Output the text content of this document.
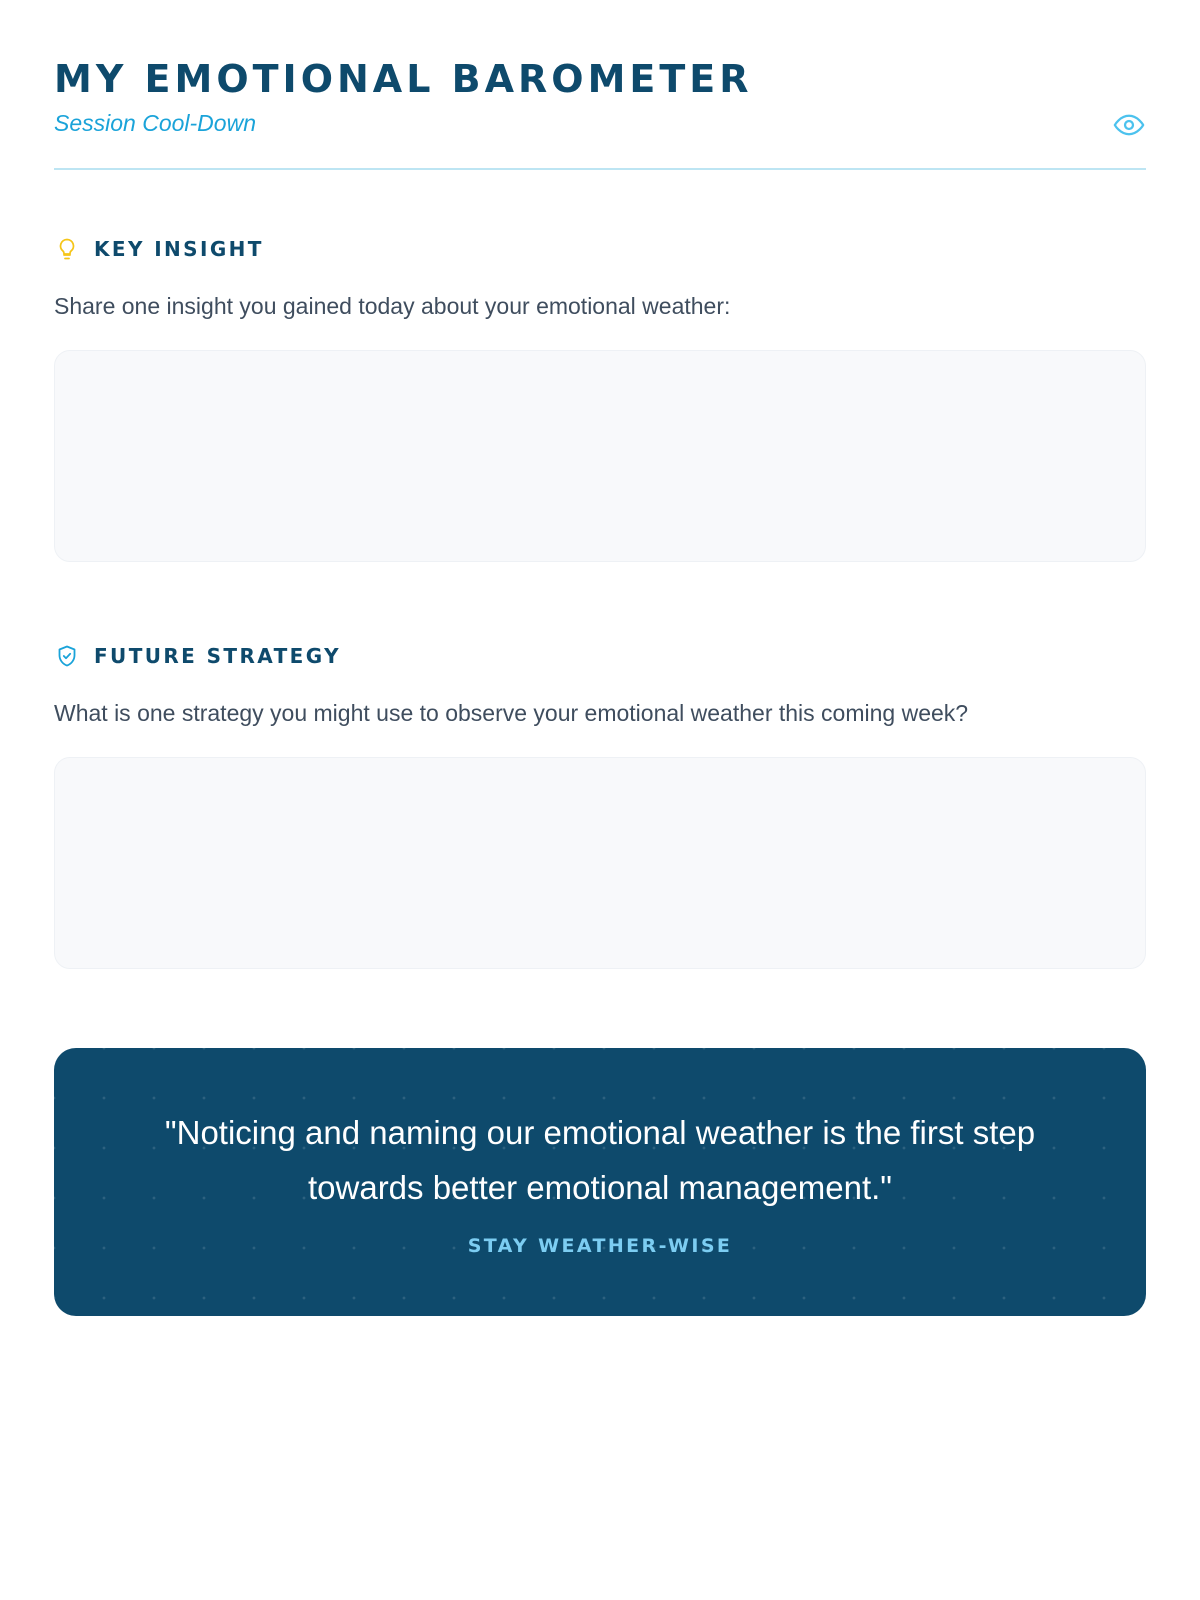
MY EMOTIONAL BAROMETER
Session Cool-Down
KEY INSIGHT
Share one insight you gained today about your emotional weather:
FUTURE STRATEGY
What is one strategy you might use to observe your emotional weather this coming week?

"Noticing and naming our emotional weather is the first step towards better emotional management."

STAY WEATHER-WISE
